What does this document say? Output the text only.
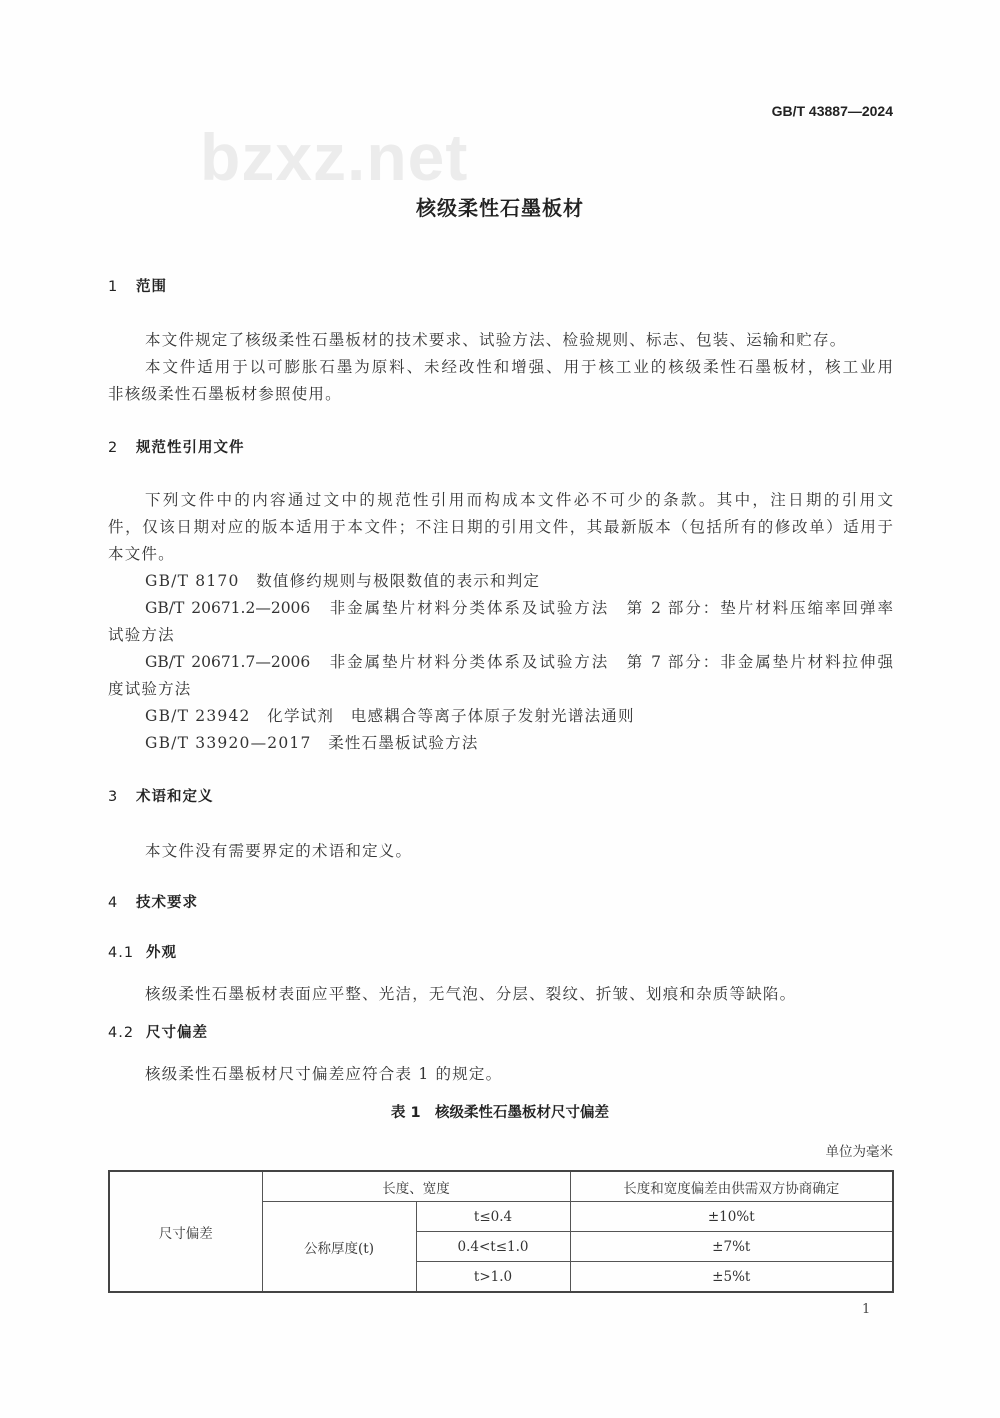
bzxz.net
GB/T 43887—2024
核级柔性石墨板材
1 范围
本文件规定了核级柔性石墨板材的技术要求、试验方法、检验规则、标志、包装、运输和贮存。
本文件适用于以可膨胀石墨为原料、未经改性和增强、用于核工业的核级柔性石墨板材，核工业用
非核级柔性石墨板材参照使用。
2 规范性引用文件
下列文件中的内容通过文中的规范性引用而构成本文件必不可少的条款。其中，注日期的引用文
件，仅该日期对应的版本适用于本文件；不注日期的引用文件，其最新版本（包括所有的修改单）适用于
本文件。
GB/T 8170　数值修约规则与极限数值的表示和判定
GB/T 20671.2—2006　非金属垫片材料分类体系及试验方法　第 2 部分：垫片材料压缩率回弹率
试验方法
GB/T 20671.7—2006　非金属垫片材料分类体系及试验方法　第 7 部分：非金属垫片材料拉伸强
度试验方法
GB/T 23942　化学试剂　电感耦合等离子体原子发射光谱法通则
GB/T 33920—2017　柔性石墨板试验方法
3 术语和定义
本文件没有需要界定的术语和定义。
4 技术要求
4.1 外观
核级柔性石墨板材表面应平整、光洁，无气泡、分层、裂纹、折皱、划痕和杂质等缺陷。
4.2 尺寸偏差
核级柔性石墨板材尺寸偏差应符合表 1 的规定。
表 1　核级柔性石墨板材尺寸偏差
单位为毫米
尺寸偏差	长度、宽度		长度和宽度偏差由供需双方协商确定
	公称厚度(t)	t≤0.4	±10%t
		0.4<t≤1.0	±7%t
		t>1.0	±5%t
1
